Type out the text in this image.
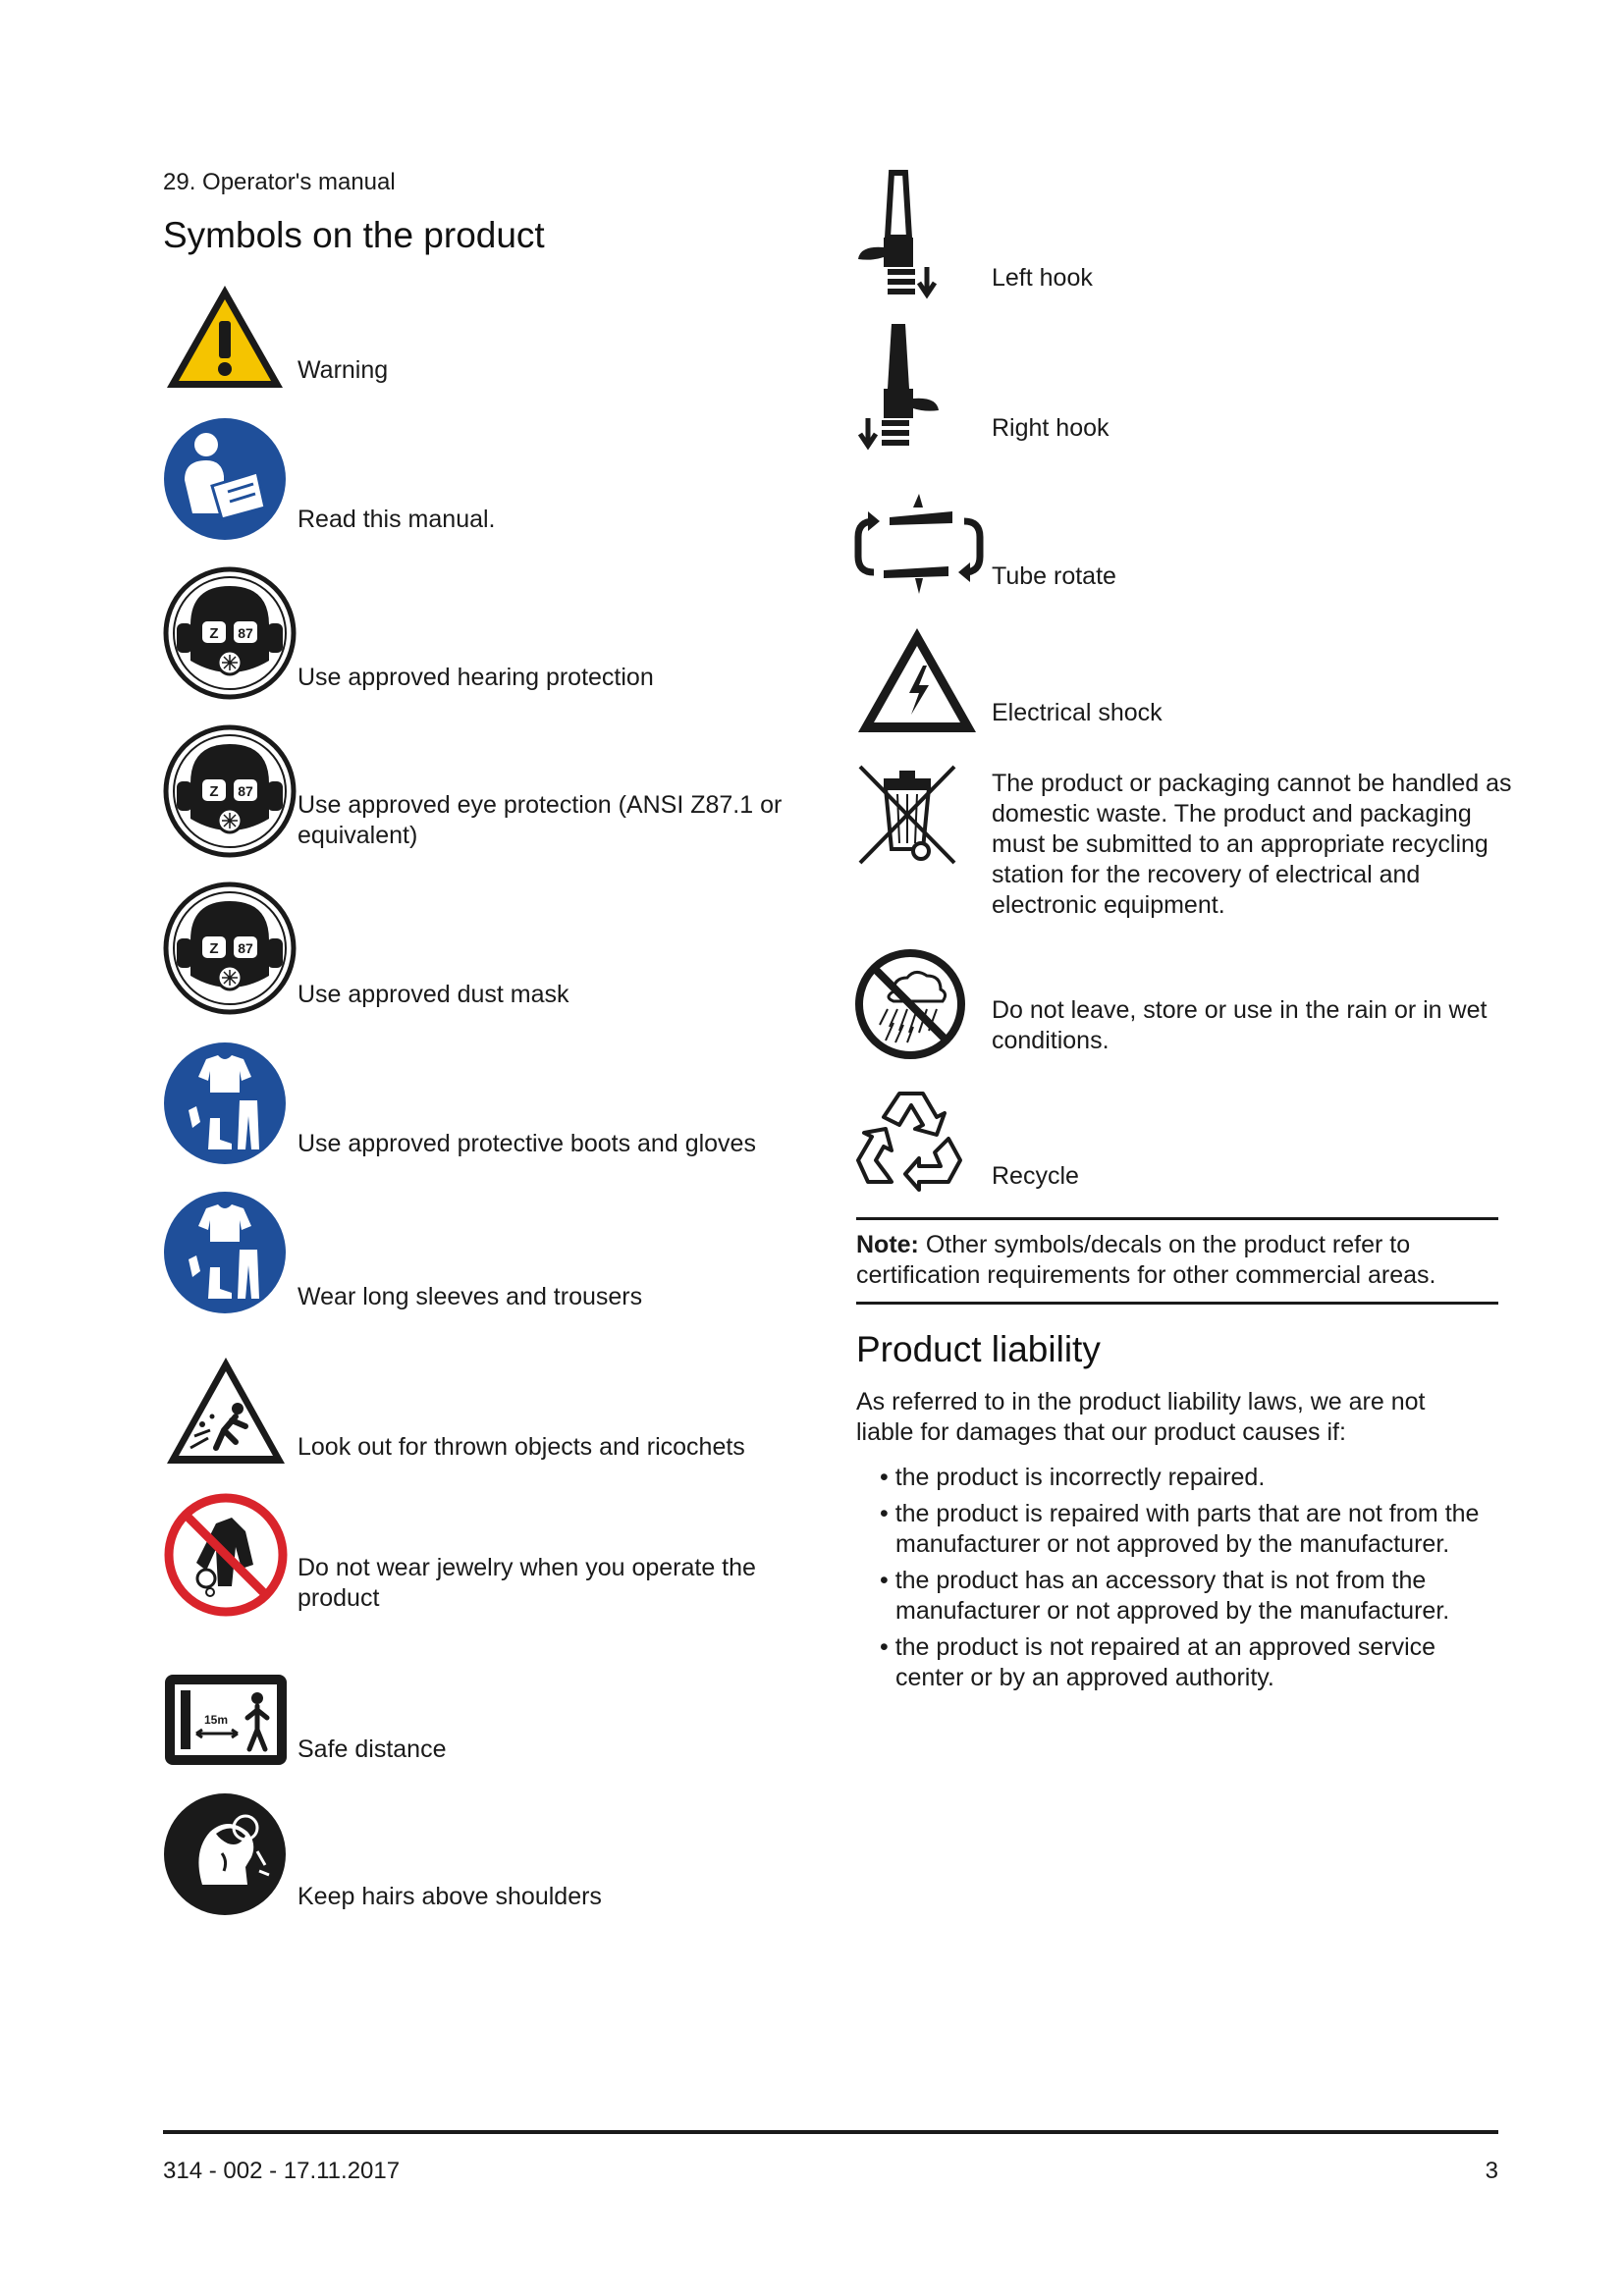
29. Operator's manual
Symbols on the product
Warning
Read this manual.
Z 87
Use approved hearing protection
Z 87 Use approved eye protection (ANSI Z87.1 or equivalent)
Z 87
Use approved dust mask
Use approved protective boots and gloves
Wear long sleeves and trousers
Look out for thrown objects and ricochets
Do not wear jewelry when you operate the product
15m
Safe distance
Keep hairs above shoulders
Left hook
Right hook
Tube rotate
Electrical shock
The product or packaging cannot be handled as domestic waste. The product and packaging must be submitted to an appropriate recycling station for the recovery of electrical and electronic equipment.
Do not leave, store or use in the rain or in wet conditions.
Recycle
Note: Other symbols/decals on the product refer to certification requirements for other commercial areas.
Product liability
As referred to in the product liability laws, we are not liable for damages that our product causes if:
• the product is incorrectly repaired.
• the product is repaired with parts that are not from the manufacturer or not approved by the manufacturer.
• the product has an accessory that is not from the manufacturer or not approved by the manufacturer.
• the product is not repaired at an approved service center or by an approved authority.
314 - 002 - 17.11.2017	3
